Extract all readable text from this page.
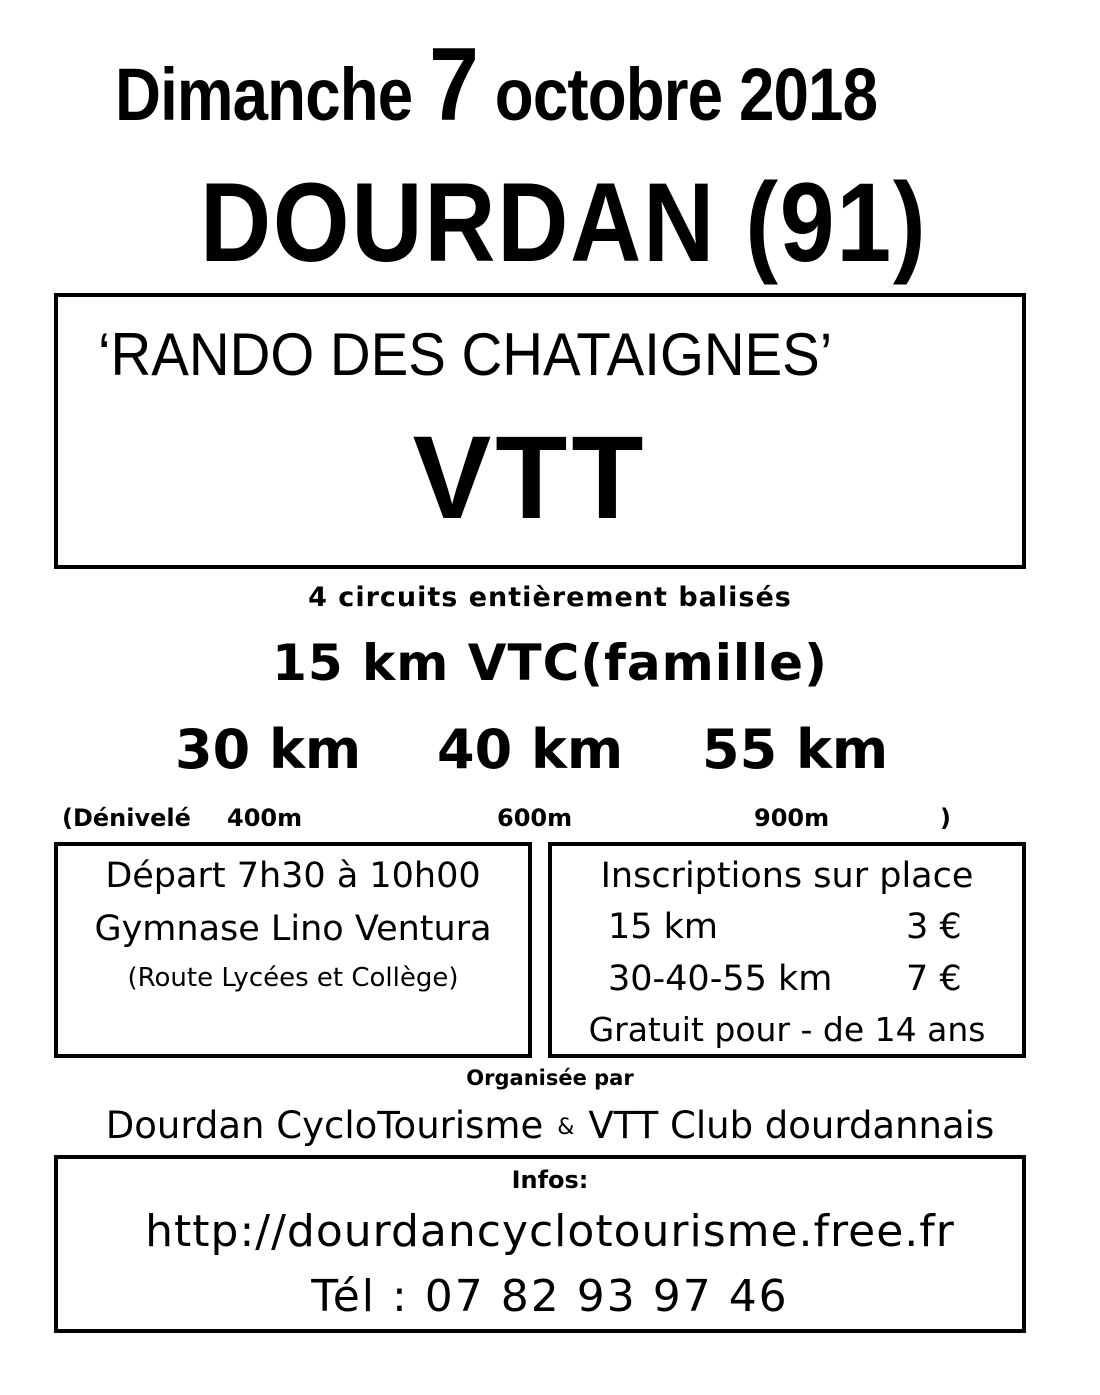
Dimanche 7 octobre 2018
DOURDAN (91)
‘RANDO DES CHATAIGNES’
VTT
4 circuits entièrement balisés
15 km VTC(famille)
30 km 40 km 55 km
(Dénivelé 400m	600m	900m	)
Départ 7h30 à 10h00
Gymnase Lino Ventura
(Route Lycées et Collège)
Inscriptions sur place
15 km	3 €
30-40-55 km 7 €
Gratuit pour - de 14 ans
Organisée par
Dourdan CycloTourisme & VTT Club dourdannais
Infos:
http://dourdancyclotourisme.free.fr
Tél : 07 82 93 97 46
